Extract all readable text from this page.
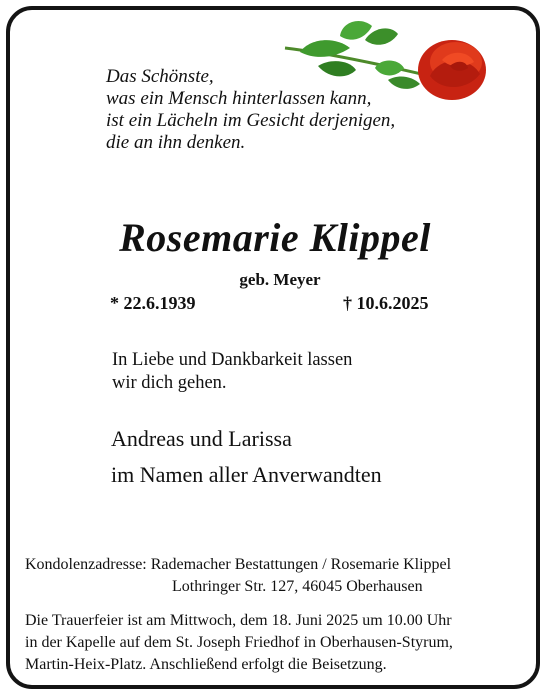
Das Schönste,
was ein Mensch hinterlassen kann,
ist ein Lächeln im Gesicht derjenigen,
die an ihn denken.
Rosemarie Klippel
geb. Meyer
* 22.6.1939	† 10.6.2025
In Liebe und Dankbarkeit lassen
wir dich gehen.
Andreas und Larissa
im Namen aller Anverwandten
Kondolenzadresse: Rademacher Bestattungen / Rosemarie Klippel
Lothringer Str. 127, 46045 Oberhausen
Die Trauerfeier ist am Mittwoch, dem 18. Juni 2025 um 10.00 Uhr
in der Kapelle auf dem St. Joseph Friedhof in Oberhausen-Styrum,
Martin-Heix-Platz. Anschließend erfolgt die Beisetzung.
